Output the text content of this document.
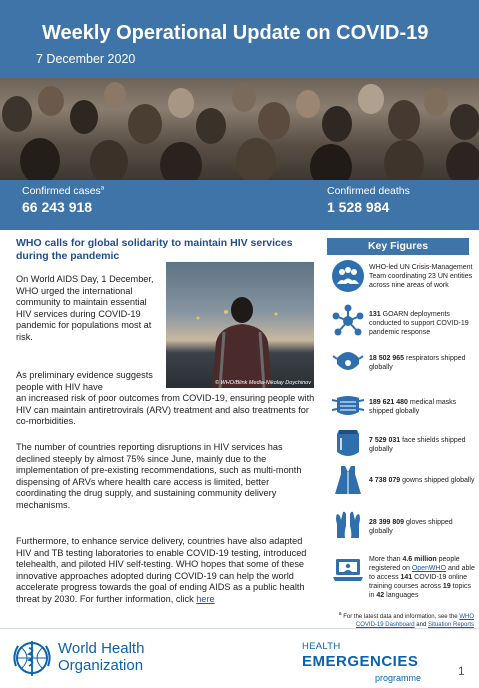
Weekly Operational Update on COVID-19
7 December 2020
Confirmed cases$^a$
66 243 918
Confirmed deaths
1 528 984
WHO calls for global solidarity to maintain HIV services during the pandemic
© WHO/Blink Media-Nikolay Doychinov

On World AIDS Day, 1 December, WHO urged the international community to maintain essential HIV services during COVID-19 pandemic for populations most at risk.

As preliminary evidence suggests people with HIV have

an increased risk of poor outcomes from COVID-19, ensuring people with HIV can maintain antiretrovirals (ARV) treatment and also treatments for co-morbidities.

The number of countries reporting disruptions in HIV services has declined steeply by almost 75% since June, mainly due to the implementation of pre-existing recommendations, such as multi-month dispensing of ARVs where health care access is limited, better coordinating the drug supply, and sustaining community delivery mechanisms.

Furthermore, to enhance service delivery, countries have also adapted HIV and TB testing laboratories to enable COVID-19 testing, introduced telehealth, and piloted HIV self-testing. WHO hopes that some of these innovative approaches adopted during COVID-19 can help the world accelerate progress towards the goal of ending AIDS as a public health threat by 2030. For further information, click here

Key Figures
WHO-led UN Crisis-Management Team coordinating 23 UN entities across nine areas of work
131 GOARN deployments conducted to support COVID-19 pandemic response
18 502 965 respirators shipped globally
189 621 480 medical masks shipped globally
7 529 031 face shields shipped globally
4 738 079 gowns shipped globally
28 399 809 gloves shipped globally
More than 4.6 million people registered on OpenWHO and able to access 141 COVID-19 online training courses across 19 topics in 42 languages
$^a$ For the latest data and information, see the WHO COVID-19 Dashboard and Situation Reports
World Health
Organization
HEALTH
EMERGENCIES
programme	1
